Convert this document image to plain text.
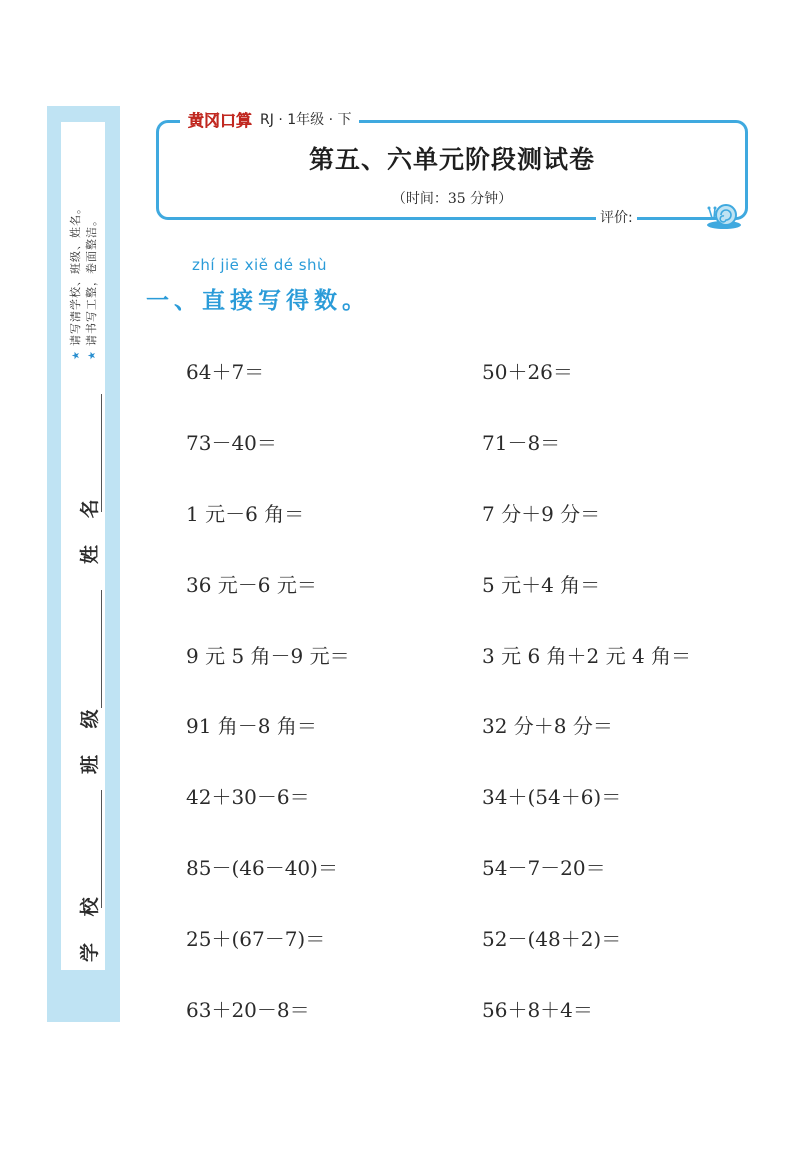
★请写清学校、班级、姓名。
★请书写工整，卷面整洁。
姓 名
班 级
学 校
黄冈口算 RJ · 1年级 · 下
第五、六单元阶段测试卷
（时间：35 分钟）
评价:
zhí jiē xiě dé shù
一、直接写得数。
64＋7＝
73－40＝
1 元－6 角＝
36 元－6 元＝
9 元 5 角－9 元＝
91 角－8 角＝
42＋30－6＝
85－(46－40)＝
25＋(67－7)＝
63＋20－8＝
50＋26＝
71－8＝
7 分＋9 分＝
5 元＋4 角＝
3 元 6 角＋2 元 4 角＝
32 分＋8 分＝
34＋(54＋6)＝
54－7－20＝
52－(48＋2)＝
56＋8＋4＝
